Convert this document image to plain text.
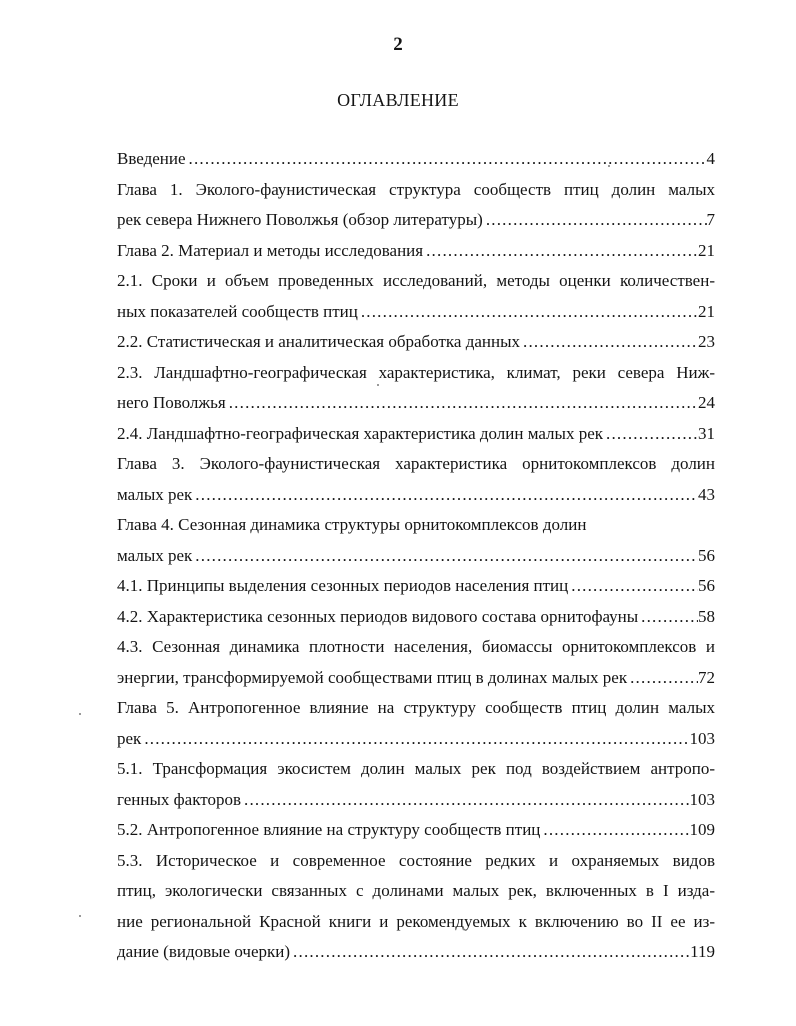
2
ОГЛАВЛЕНИЕ
Введение .....	4
Глава 1. Эколого-фаунистическая структура сообществ птиц долин малых
рек севера Нижнего Поволжья (обзор литературы) .....	7
Глава 2. Материал и методы исследования .....	21
2.1. Сроки и объем проведенных исследований, методы оценки количествен-
ных показателей сообществ птиц .....	21
2.2. Статистическая и аналитическая обработка данных .....	23
2.3. Ландшафтно-географическая характеристика, климат, реки севера Ниж-
него Поволжья .....	24
2.4. Ландшафтно-географическая характеристика долин малых рек .....	31
Глава 3. Эколого-фаунистическая характеристика орнитокомплексов долин
малых рек .....	43
Глава 4. Сезонная динамика структуры орнитокомплексов долин
малых рек .....	56
4.1. Принципы выделения сезонных периодов населения птиц .....	56
4.2. Характеристика сезонных периодов видового состава орнитофауны .....	58
4.3. Сезонная динамика плотности населения, биомассы орнитокомплексов и
энергии, трансформируемой сообществами птиц в долинах малых рек .....	72
Глава 5. Антропогенное влияние на структуру сообществ птиц долин малых
рек .....	103
5.1. Трансформация экосистем долин малых рек под воздействием антропо-
генных факторов .....	103
5.2. Антропогенное влияние на структуру сообществ птиц .....	109
5.3. Историческое и современное состояние редких и охраняемых видов
птиц, экологически связанных с долинами малых рек, включенных в I изда-
ние региональной Красной книги и рекомендуемых к включению во II ее из-
дание (видовые очерки) .....	119
